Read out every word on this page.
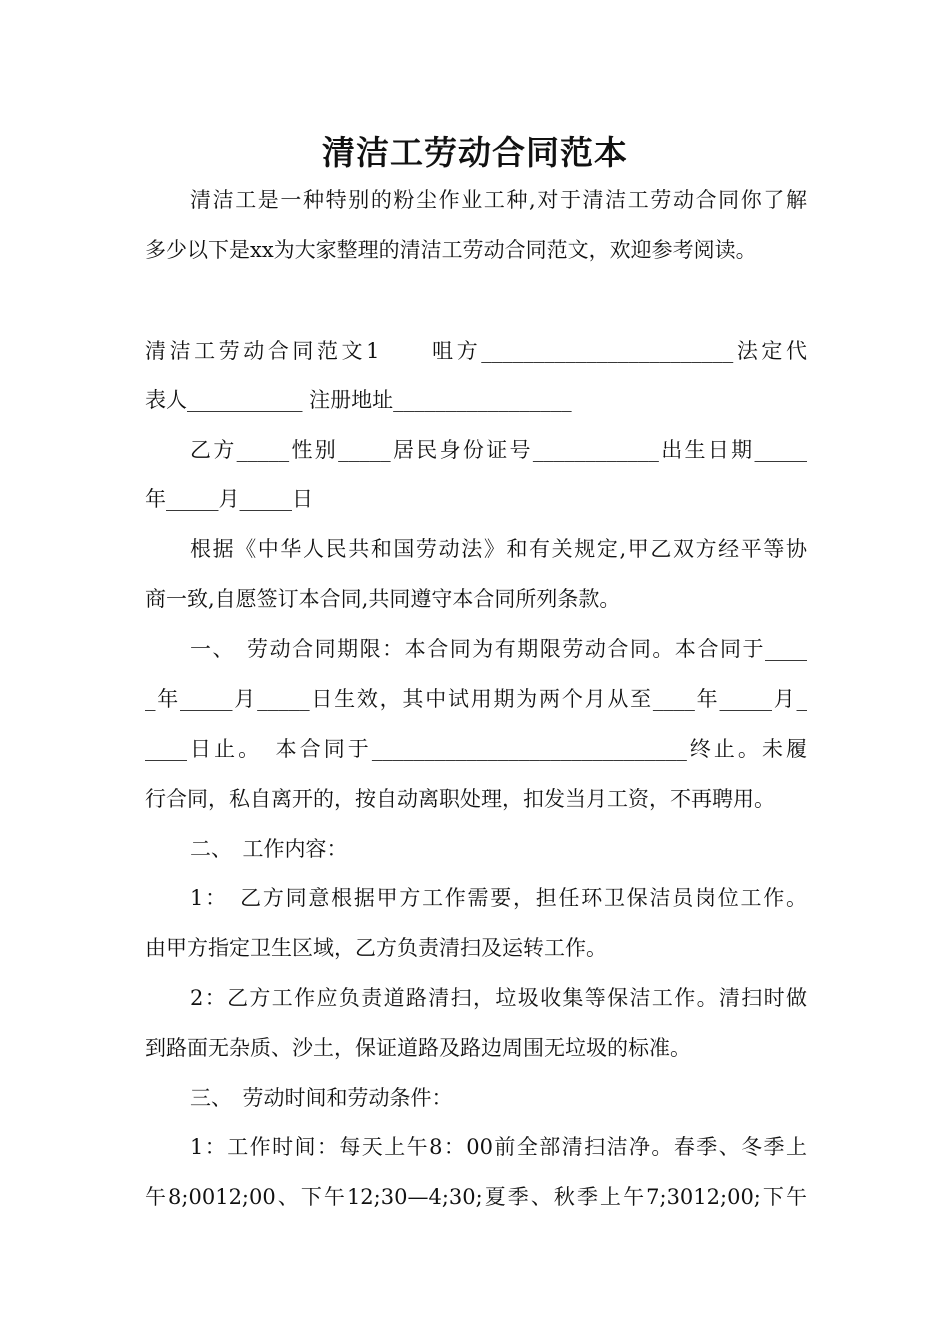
清洁工劳动合同范本
清洁工是一种特别的粉尘作业工种,对于清洁工劳动合同你了解
多少以下是xx为大家整理的清洁工劳动合同范文，欢迎参考阅读。
清洁工劳动合同范文1　　咀方________________________法定代
表人___________ 注册地址_________________
乙方_____性别_____居民身份证号____________出生日期_____
年_____月_____日
根据《中华人民共和国劳动法》和有关规定,甲乙双方经平等协
商一致,自愿签订本合同,共同遵守本合同所列条款。
一、　劳动合同期限：本合同为有期限劳动合同。本合同于____
_年_____月_____日生效，其中试用期为两个月从至____年_____月_
____日止。　本合同于______________________________终止。未履
行合同，私自离开的，按自动离职处理，扣发当月工资，不再聘用。
二、　工作内容：
1：　乙方同意根据甲方工作需要，担任环卫保洁员岗位工作。
由甲方指定卫生区域，乙方负责清扫及运转工作。
2：乙方工作应负责道路清扫，垃圾收集等保洁工作。清扫时做
到路面无杂质、沙土，保证道路及路边周围无垃圾的标准。
三、　劳动时间和劳动条件：
1：工作时间：每天上午8：00前全部清扫洁净。春季、冬季上
午8;0012;00、下午12;30—4;30;夏季、秋季上午7;3012;00;下午
